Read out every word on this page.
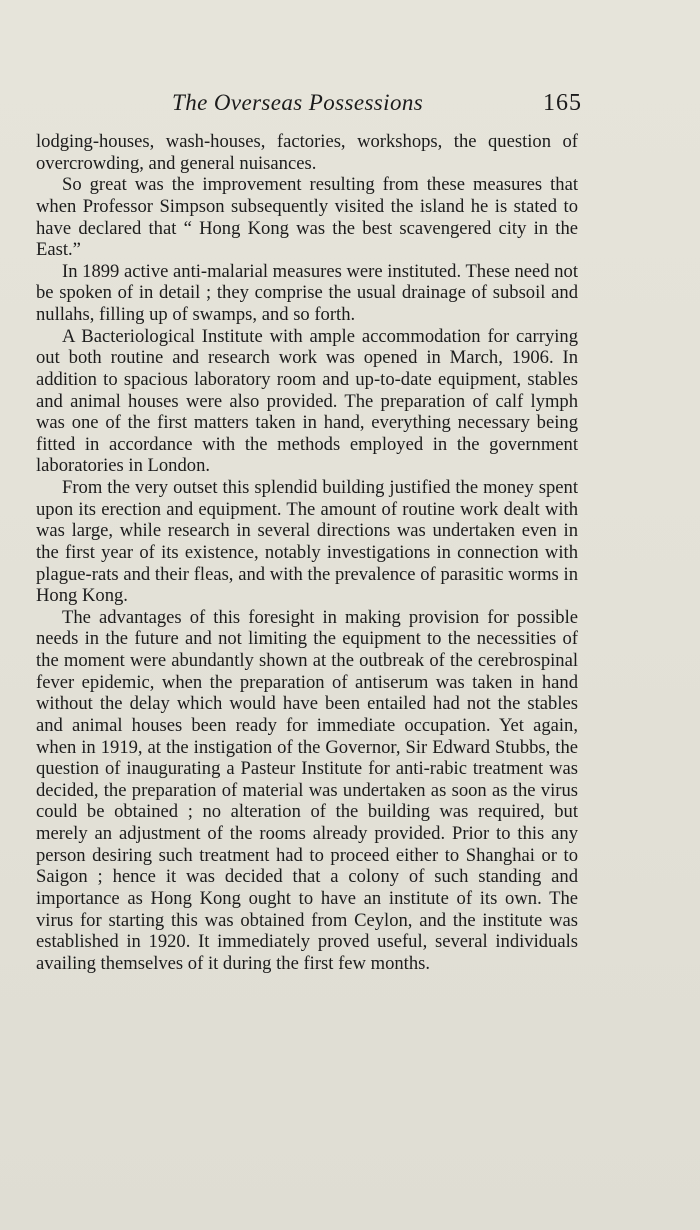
The Overseas Possessions	165

lodging-houses, wash-houses, factories, workshops, the question of overcrowding, and general nuisances.

So great was the improvement resulting from these measures that when Professor Simpson subsequently visited the island he is stated to have declared that “ Hong Kong was the best scavengered city in the East.”

In 1899 active anti-malarial measures were instituted. These need not be spoken of in detail ; they comprise the usual drainage of subsoil and nullahs, filling up of swamps, and so forth.

A Bacteriological Institute with ample accommodation for carrying out both routine and research work was opened in March, 1906. In addition to spacious laboratory room and up-to-date equipment, stables and animal houses were also provided. The preparation of calf lymph was one of the first matters taken in hand, everything necessary being fitted in accordance with the methods employed in the government laboratories in London.

From the very outset this splendid building justified the money spent upon its erection and equipment. The amount of routine work dealt with was large, while research in several directions was undertaken even in the first year of its existence, notably investigations in connection with plague-rats and their fleas, and with the prevalence of parasitic worms in Hong Kong.

The advantages of this foresight in making provision for possible needs in the future and not limiting the equipment to the necessities of the moment were abundantly shown at the outbreak of the cerebrospinal fever epidemic, when the preparation of antiserum was taken in hand without the delay which would have been entailed had not the stables and animal houses been ready for immediate occupation. Yet again, when in 1919, at the instigation of the Governor, Sir Edward Stubbs, the question of inaugurating a Pasteur Institute for anti-rabic treatment was decided, the preparation of material was undertaken as soon as the virus could be obtained ; no alteration of the building was required, but merely an adjustment of the rooms already provided. Prior to this any person desiring such treatment had to proceed either to Shanghai or to Saigon ; hence it was decided that a colony of such standing and importance as Hong Kong ought to have an institute of its own. The virus for starting this was obtained from Ceylon, and the institute was established in 1920. It immediately proved useful, several individuals availing themselves of it during the first few months.
